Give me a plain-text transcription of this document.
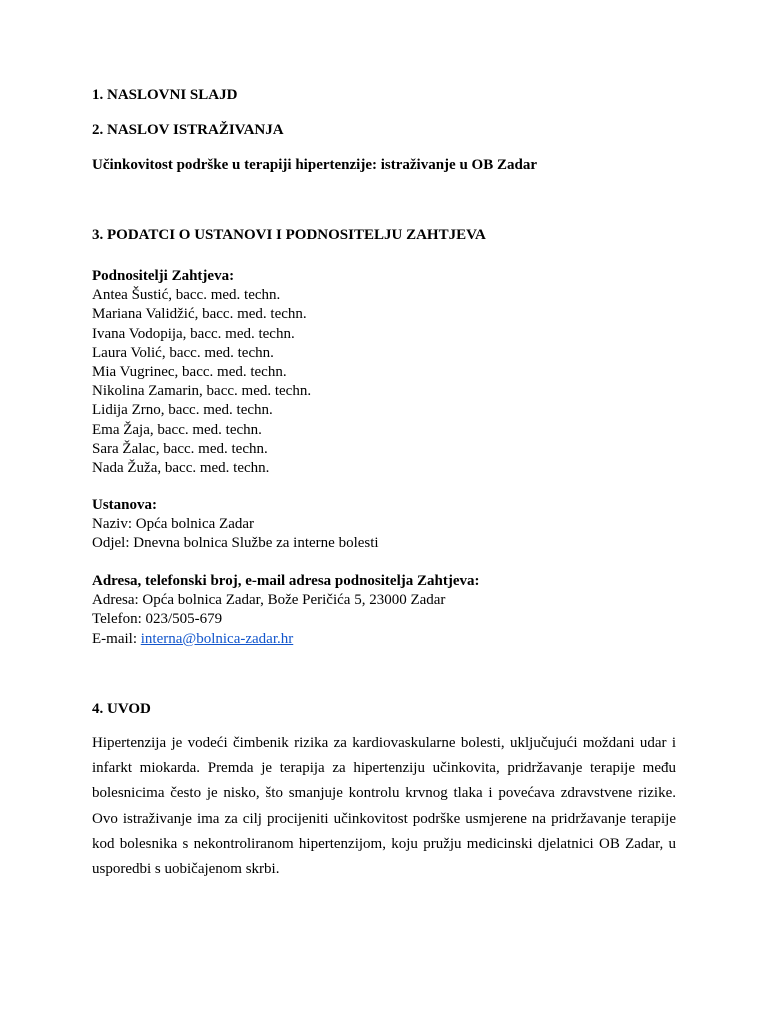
1. NASLOVNI SLAJD
2. NASLOV ISTRAŽIVANJA
Učinkovitost podrške u terapiji hipertenzije: istraživanje u OB Zadar
3. PODATCI O USTANOVI I PODNOSITELJU ZAHTJEVA
Podnositelji Zahtjeva:
Antea Šustić, bacc. med. techn.
Mariana Validžić, bacc. med. techn.
Ivana Vodopija, bacc. med. techn.
Laura Volić, bacc. med. techn.
Mia Vugrinec, bacc. med. techn.
Nikolina Zamarin, bacc. med. techn.
Lidija Zrno, bacc. med. techn.
Ema Žaja, bacc. med. techn.
Sara Žalac, bacc. med. techn.
Nada Žuža, bacc. med. techn.
Ustanova:
Naziv: Opća bolnica Zadar
Odjel: Dnevna bolnica Službe za interne bolesti
Adresa, telefonski broj, e-mail adresa podnositelja Zahtjeva:
Adresa: Opća bolnica Zadar, Bože Peričića 5, 23000 Zadar
Telefon: 023/505-679
E-mail: interna@bolnica-zadar.hr
4. UVOD
Hipertenzija je vodeći čimbenik rizika za kardiovaskularne bolesti, uključujući moždani udar i infarkt miokarda. Premda je terapija za hipertenziju učinkovita, pridržavanje terapije među bolesnicima često je nisko, što smanjuje kontrolu krvnog tlaka i povećava zdravstvene rizike. Ovo istraživanje ima za cilj procijeniti učinkovitost podrške usmjerene na pridržavanje terapije kod bolesnika s nekontroliranom hipertenzijom, koju pružju medicinski djelatnici OB Zadar, u usporedbi s uobičajenom skrbi.
